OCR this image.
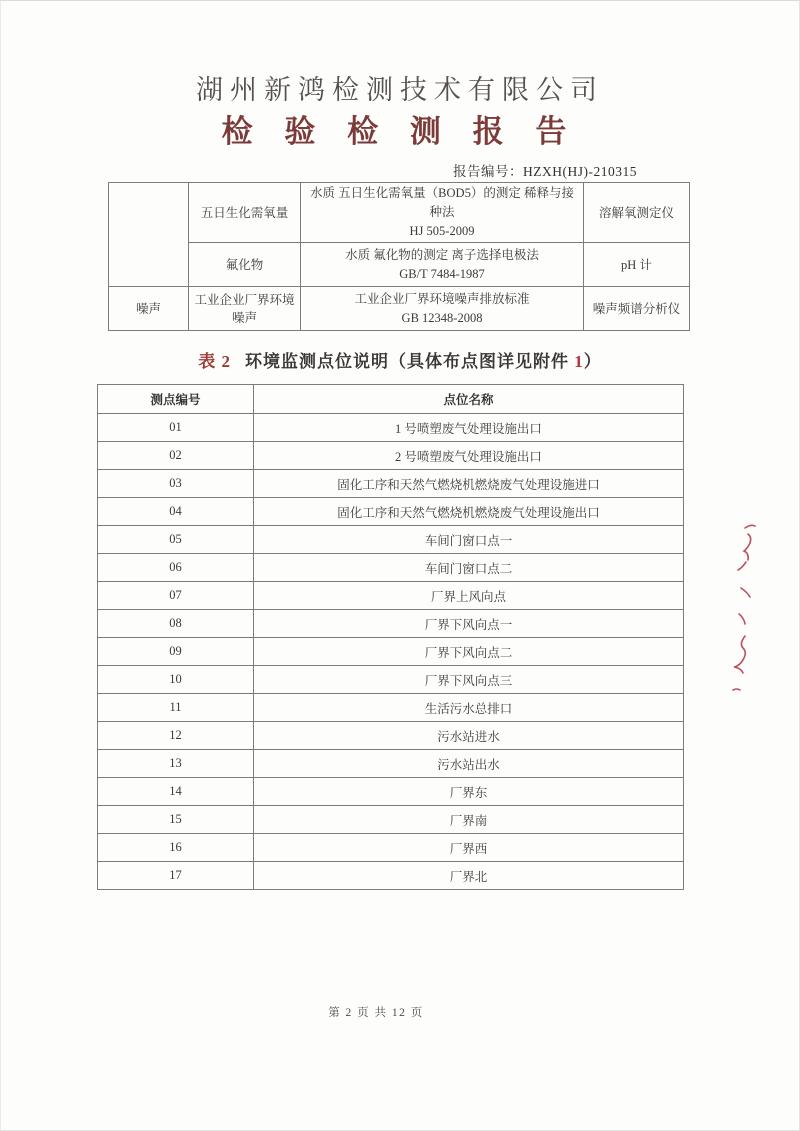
湖州新鸿检测技术有限公司
检 验 检 测 报 告
报告编号：HZXH(HJ)-210315
	五日生化需氧量	水质 五日生化需氧量（BOD5）的测定 稀释与接种法
HJ 505-2009	溶解氧测定仪
	氟化物	水质 氟化物的测定 离子选择电极法
GB/T 7484-1987	pH 计
噪声	工业企业厂界环境噪声	工业企业厂界环境噪声排放标准
GB 12348-2008	噪声频谱分析仪
表 2 环境监测点位说明（具体布点图详见附件 1）
测点编号	点位名称
01	1 号喷塑废气处理设施出口
02	2 号喷塑废气处理设施出口
03	固化工序和天然气燃烧机燃烧废气处理设施进口
04	固化工序和天然气燃烧机燃烧废气处理设施出口
05	车间门窗口点一
06	车间门窗口点二
07	厂界上风向点
08	厂界下风向点一
09	厂界下风向点二
10	厂界下风向点三
11	生活污水总排口
12	污水站进水
13	污水站出水
14	厂界东
15	厂界南
16	厂界西
17	厂界北
第 2 页 共 12 页
